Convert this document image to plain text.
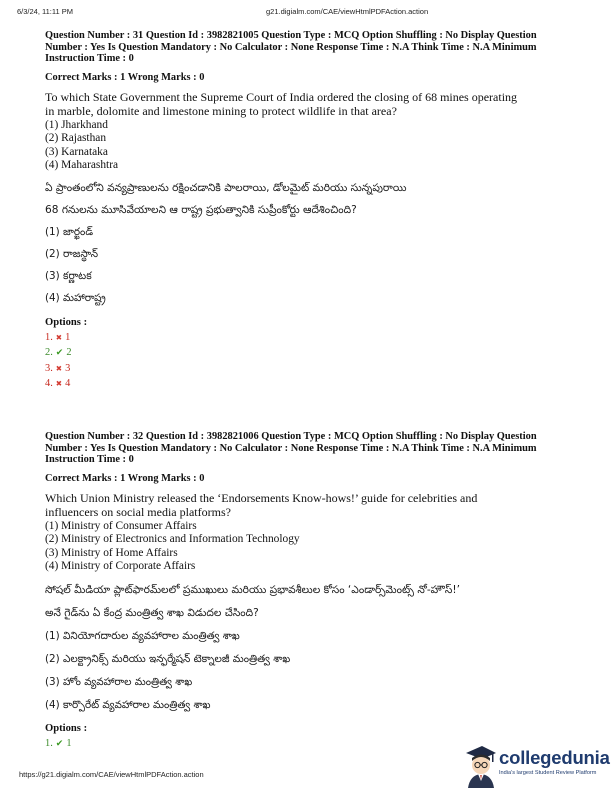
6/3/24, 11:11 PM	g21.digialm.com/CAE/viewHtmlPDFAction.action

Question Number : 31 Question Id : 3982821005 Question Type : MCQ Option Shuffling : No Display Question Number : Yes Is Question Mandatory : No Calculator : None Response Time : N.A Think Time : N.A Minimum Instruction Time : 0

Correct Marks : 1 Wrong Marks : 0

To which State Government the Supreme Court of India ordered the closing of 68 mines operating

in marble, dolomite and limestone mining to protect wildlife in that area?

(1) Jharkhand

(2) Rajasthan

(3) Karnataka

(4) Maharashtra

ఏ ప్రాంతంలోని వన్యప్రాణులను రక్షించడానికి పాలరాయి, డోలమైట్ మరియు సున్నపురాయి

68 గనులను మూసివేయాలని ఆ రాష్ట్ర ప్రభుత్వానికి సుప్రీంకోర్టు ఆదేశించింది?

(1) జార్ఖండ్

(2) రాజస్థాన్

(3) కర్ణాటక

(4) మహారాష్ట్ర

Options :

1. ✖ 1

2. ✔ 2

3. ✖ 3

4. ✖ 4

Question Number : 32 Question Id : 3982821006 Question Type : MCQ Option Shuffling : No Display Question Number : Yes Is Question Mandatory : No Calculator : None Response Time : N.A Think Time : N.A Minimum Instruction Time : 0

Correct Marks : 1 Wrong Marks : 0

Which Union Ministry released the ‘Endorsements Know-hows!’ guide for celebrities and

influencers on social media platforms?

(1) Ministry of Consumer Affairs

(2) Ministry of Electronics and Information Technology

(3) Ministry of Home Affairs

(4) Ministry of Corporate Affairs

సోషల్ మీడియా ప్లాట్‌ఫారమ్‌లలో ప్రముఖులు మరియు ప్రభావశీలుల కోసం ‘ఎండార్స్‌మెంట్స్ నో-హౌస్!’

అనే గైడ్‌ను ఏ కేంద్ర మంత్రిత్వ శాఖ విడుదల చేసింది?

(1) వినియోగదారుల వ్యవహారాల మంత్రిత్వ శాఖ

(2) ఎలక్ట్రానిక్స్ మరియు ఇన్ఫర్మేషన్ టెక్నాలజీ మంత్రిత్వ శాఖ

(3) హోం వ్యవహారాల మంత్రిత్వ శాఖ

(4) కార్పొరేట్ వ్యవహారాల మంత్రిత్వ శాఖ

Options :

1. ✔ 1

https://g21.digialm.com/CAE/viewHtmlPDFAction.action
collegedunia
India's largest Student Review Platform
